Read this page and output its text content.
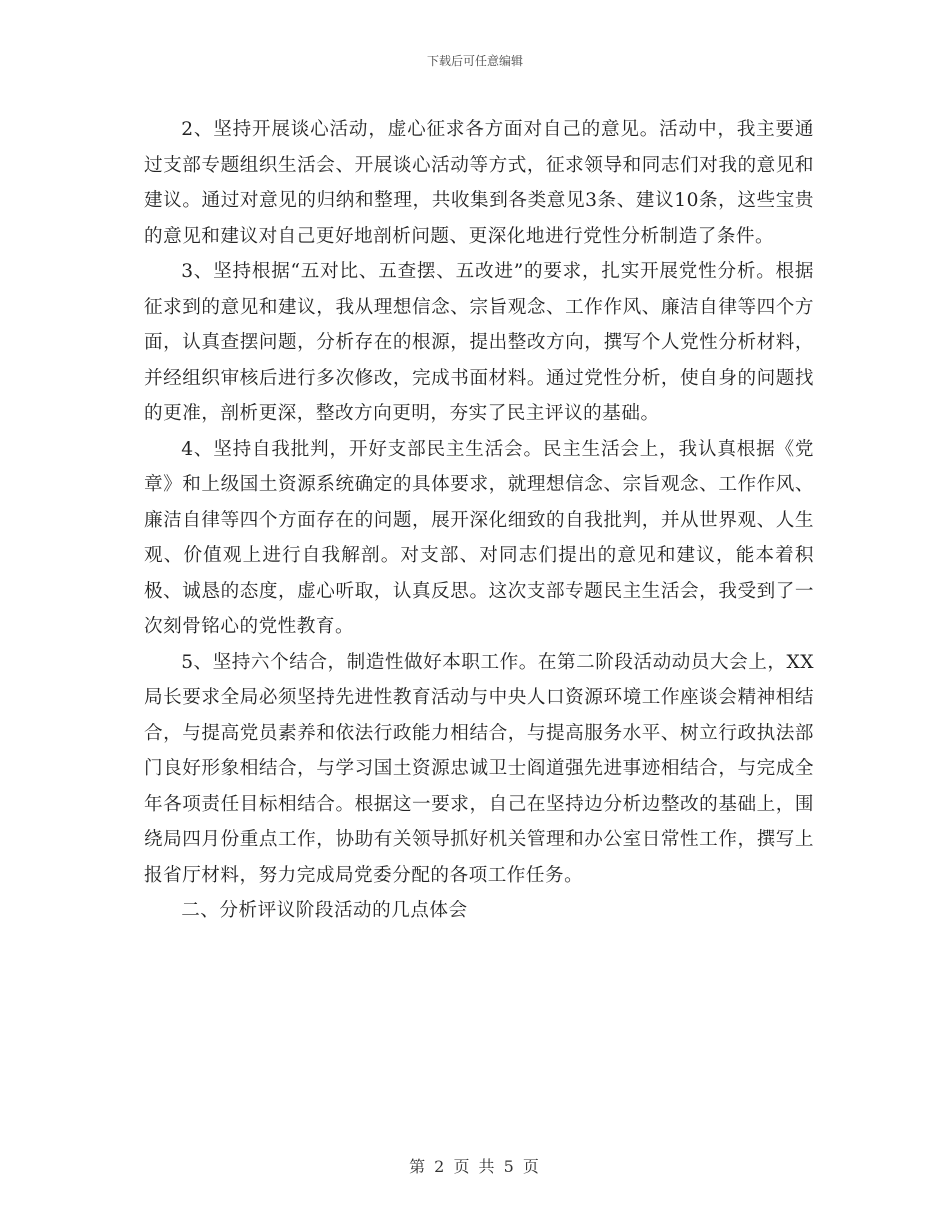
下载后可任意编辑

2、坚持开展谈心活动，虚心征求各方面对自己的意见。活动中，我主要通过支部专题组织生活会、开展谈心活动等方式，征求领导和同志们对我的意见和建议。通过对意见的归纳和整理，共收集到各类意见3条、建议10条，这些宝贵的意见和建议对自己更好地剖析问题、更深化地进行党性分析制造了条件。

3、坚持根据“五对比、五查摆、五改进”的要求，扎实开展党性分析。根据征求到的意见和建议，我从理想信念、宗旨观念、工作作风、廉洁自律等四个方面，认真查摆问题，分析存在的根源，提出整改方向，撰写个人党性分析材料，并经组织审核后进行多次修改，完成书面材料。通过党性分析，使自身的问题找的更准，剖析更深，整改方向更明，夯实了民主评议的基础。

4、坚持自我批判，开好支部民主生活会。民主生活会上，我认真根据《党章》和上级国土资源系统确定的具体要求，就理想信念、宗旨观念、工作作风、廉洁自律等四个方面存在的问题，展开深化细致的自我批判，并从世界观、人生观、价值观上进行自我解剖。对支部、对同志们提出的意见和建议，能本着积极、诚恳的态度，虚心听取，认真反思。这次支部专题民主生活会，我受到了一次刻骨铭心的党性教育。

5、坚持六个结合，制造性做好本职工作。在第二阶段活动动员大会上，XX局长要求全局必须坚持先进性教育活动与中央人口资源环境工作座谈会精神相结合，与提高党员素养和依法行政能力相结合，与提高服务水平、树立行政执法部门良好形象相结合，与学习国土资源忠诚卫士阎道强先进事迹相结合，与完成全年各项责任目标相结合。根据这一要求，自己在坚持边分析边整改的基础上，围绕局四月份重点工作，协助有关领导抓好机关管理和办公室日常性工作，撰写上报省厅材料，努力完成局党委分配的各项工作任务。

二、分析评议阶段活动的几点体会

第 2 页 共 5 页
